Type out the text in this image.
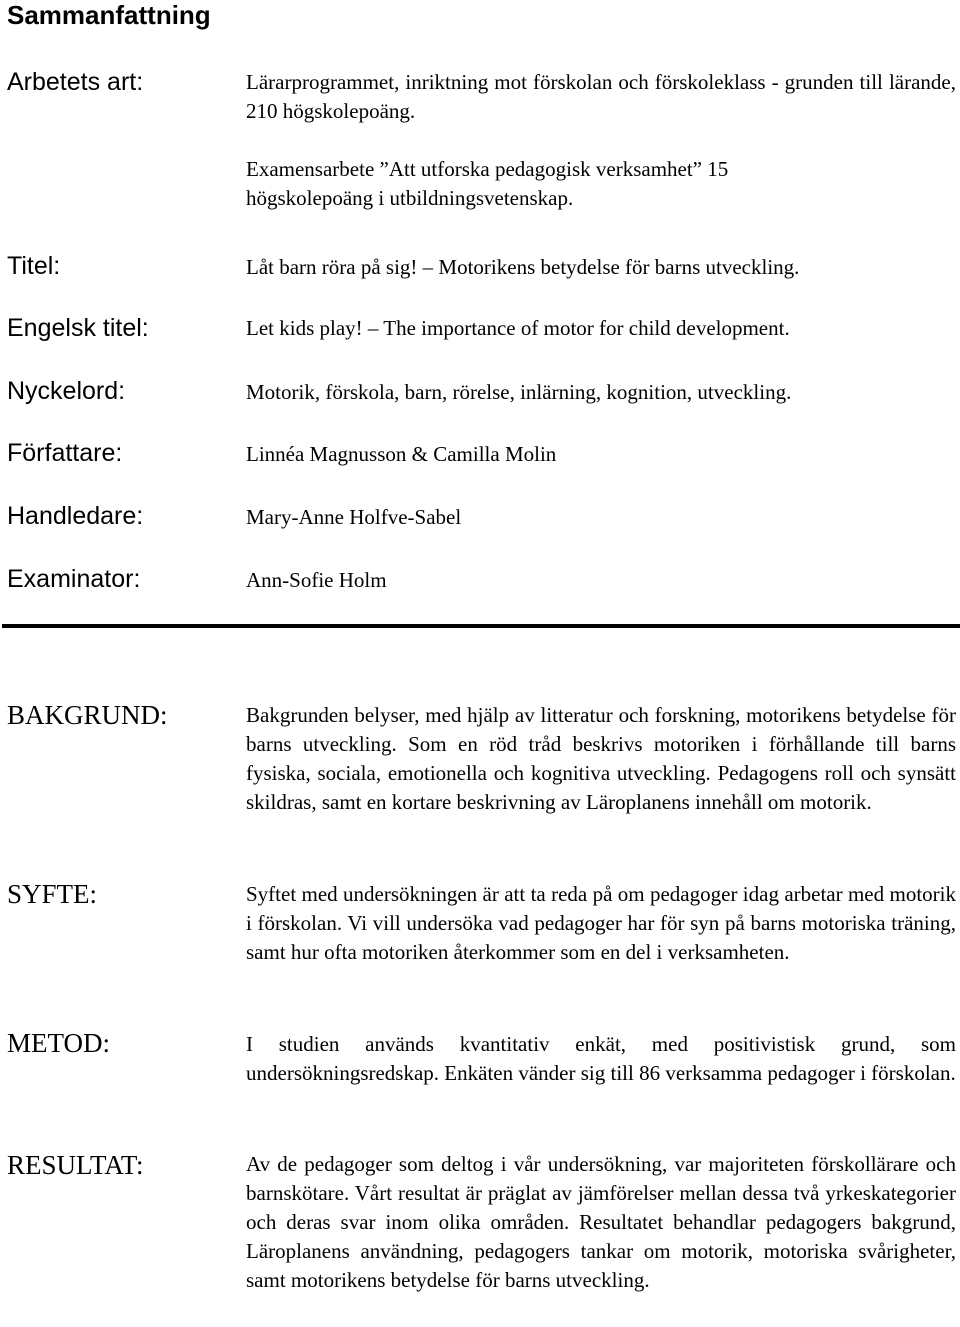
Sammanfattning
Arbetets art:	Lärarprogrammet, inriktning mot förskolan och förskoleklass - grunden till lärande, 210 högskolepoäng.
Examensarbete ”Att utforska pedagogisk verksamhet” 15 högskolepoäng i utbildningsvetenskap.
Titel:	Låt barn röra på sig! – Motorikens betydelse för barns utveckling.
Engelsk titel:	Let kids play! – The importance of motor for child development.
Nyckelord:	Motorik, förskola, barn, rörelse, inlärning, kognition, utveckling.
Författare:	Linnéa Magnusson & Camilla Molin
Handledare:	Mary-Anne Holfve-Sabel
Examinator:	Ann-Sofie Holm
BAKGRUND:	Bakgrunden belyser, med hjälp av litteratur och forskning, motorikens betydelse för barns utveckling. Som en röd tråd beskrivs motoriken i förhållande till barns fysiska, sociala, emotionella och kognitiva utveckling. Pedagogens roll och synsätt skildras, samt en kortare beskrivning av Läroplanens innehåll om motorik.
SYFTE:	Syftet med undersökningen är att ta reda på om pedagoger idag arbetar med motorik i förskolan. Vi vill undersöka vad pedagoger har för syn på barns motoriska träning, samt hur ofta motoriken återkommer som en del i verksamheten.
METOD:	I studien används kvantitativ enkät, med positivistisk grund, som undersökningsredskap. Enkäten vänder sig till 86 verksamma pedagoger i förskolan.
RESULTAT:	Av de pedagoger som deltog i vår undersökning, var majoriteten förskollärare och barnskötare. Vårt resultat är präglat av jämförelser mellan dessa två yrkeskategorier och deras svar inom olika områden. Resultatet behandlar pedagogers bakgrund, Läroplanens användning, pedagogers tankar om motorik, motoriska svårigheter, samt motorikens betydelse för barns utveckling.
